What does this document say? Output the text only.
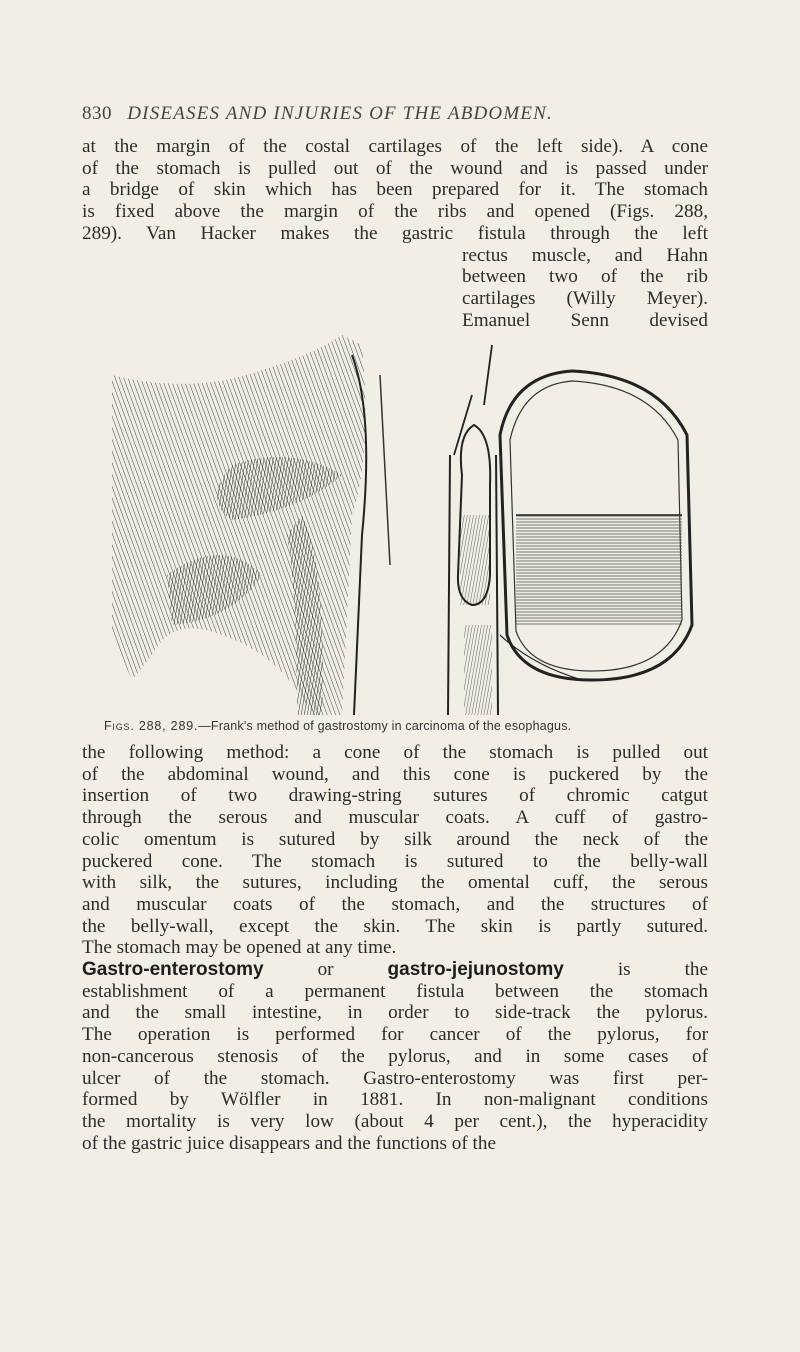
830 DISEASES AND INJURIES OF THE ABDOMEN.
at the margin of the costal cartilages of the left side). A cone
of the stomach is pulled out of the wound and is passed under
a bridge of skin which has been prepared for it. The stomach
is fixed above the margin of the ribs and opened (Figs. 288,
289). Van Hacker makes the gastric fistula through the left
rectus muscle, and Hahn
between two of the rib
cartilages (Willy Meyer).
Emanuel Senn devised
Figs. 288, 289.—Frank's method of gastrostomy in carcinoma of the esophagus.
the following method: a cone of the stomach is pulled out
of the abdominal wound, and this cone is puckered by the
insertion of two drawing-string sutures of chromic catgut
through the serous and muscular coats. A cuff of gastro-
colic omentum is sutured by silk around the neck of the
puckered cone. The stomach is sutured to the belly-wall
with silk, the sutures, including the omental cuff, the serous
and muscular coats of the stomach, and the structures of
the belly-wall, except the skin. The skin is partly sutured.
The stomach may be opened at any time.
Gastro-enterostomy	or	gastro-jejunostomy	is the
establishment of a permanent fistula between the stomach
and the small intestine, in order to side-track the pylorus.
The operation is performed for cancer of the pylorus, for
non-cancerous stenosis of the pylorus, and in some cases of
ulcer of the stomach. Gastro-enterostomy was first per-
formed by Wölfler in 1881. In non-malignant conditions
the mortality is very low (about 4 per cent.), the hyperacidity
of the gastric juice disappears and the functions of the
